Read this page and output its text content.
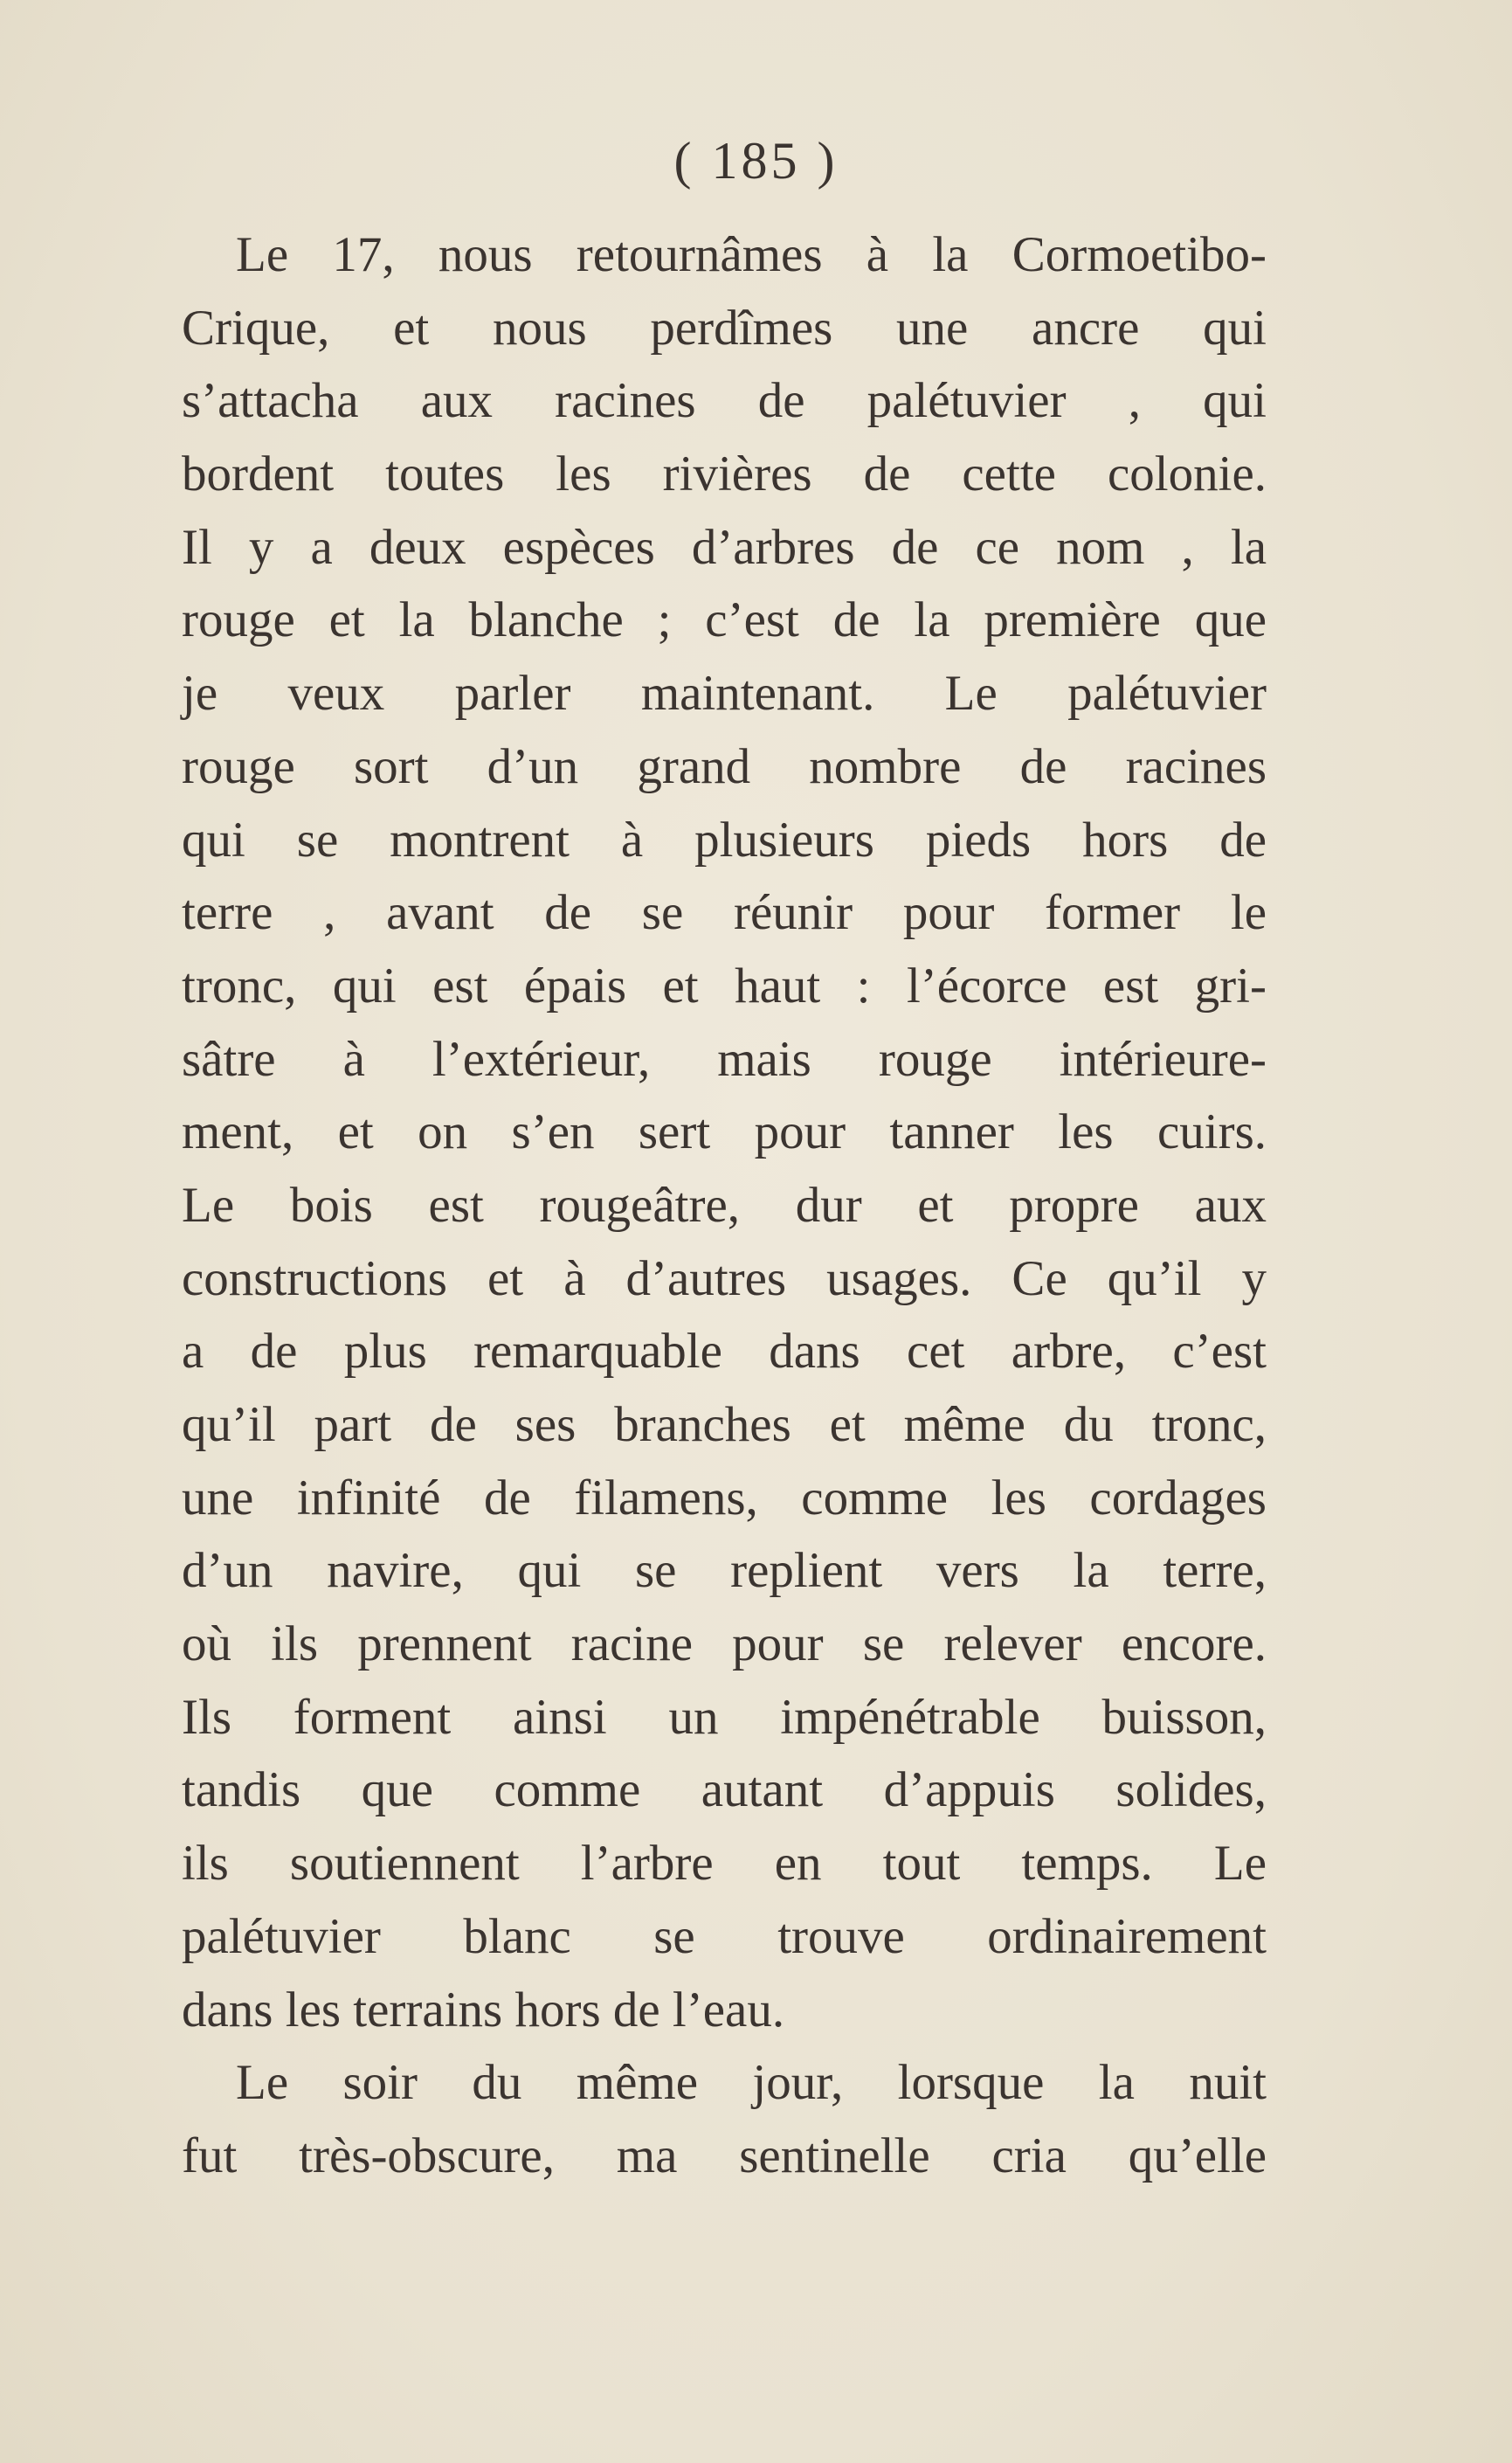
( 185 )
Le 17, nous retournâmes à la Cormoetibo-
Crique, et nous perdîmes une ancre qui
s’attacha aux racines de palétuvier , qui
bordent toutes les rivières de cette colonie.
Il y a deux espèces d’arbres de ce nom , la
rouge et la blanche ; c’est de la première que
je veux parler maintenant. Le palétuvier
rouge sort d’un grand nombre de racines
qui se montrent à plusieurs pieds hors de
terre , avant de se réunir pour former le
tronc, qui est épais et haut : l’écorce est gri-
sâtre à l’extérieur, mais rouge intérieure-
ment, et on s’en sert pour tanner les cuirs.
Le bois est rougeâtre, dur et propre aux
constructions et à d’autres usages. Ce qu’il y
a de plus remarquable dans cet arbre, c’est
qu’il part de ses branches et même du tronc,
une infinité de filamens, comme les cordages
d’un navire, qui se replient vers la terre,
où ils prennent racine pour se relever encore.
Ils forment ainsi un impénétrable buisson,
tandis que comme autant d’appuis solides,
ils soutiennent l’arbre en tout temps. Le
palétuvier blanc se trouve ordinairement
dans les terrains hors de l’eau.
Le soir du même jour, lorsque la nuit
fut très-obscure, ma sentinelle cria qu’elle
